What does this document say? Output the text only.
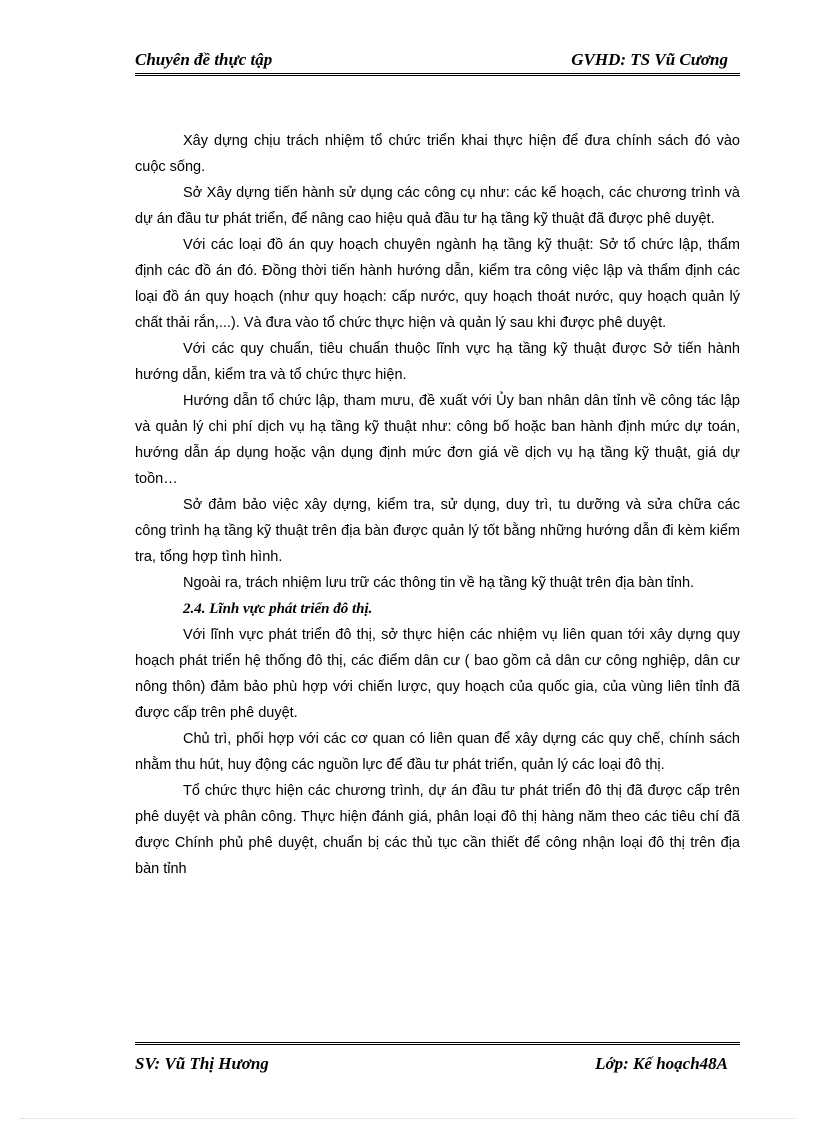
Chuyên đề thực tập	GVHD: TS Vũ Cương

Xây dựng chịu trách nhiệm tổ chức triển khai thực hiện để đưa chính sách đó vào cuộc sống.

Sở Xây dựng tiến hành sử dụng các công cụ như: các kế hoạch, các chương trình và dự án đầu tư phát triển, để nâng cao hiệu quả đầu tư hạ tầng kỹ thuật đã được phê duyệt.

Với các loại đồ án quy hoạch chuyên ngành hạ tầng kỹ thuật: Sở tổ chức lập, thẩm định các đồ án đó. Đồng thời tiến hành hướng dẫn, kiểm tra công việc lập và thẩm định các loại đồ án quy hoạch (như quy hoạch: cấp nước, quy hoạch thoát nước, quy hoạch quản lý chất thải rắn,...). Và đưa vào tổ chức thực hiện và quản lý sau khi được phê duyệt.

Với các quy chuẩn, tiêu chuẩn thuộc lĩnh vực hạ tầng kỹ thuật được Sở tiến hành hướng dẫn, kiểm tra và tổ chức thực hiện.

Hướng dẫn tổ chức lập, tham mưu, đề xuất với Ủy ban nhân dân tỉnh về công tác lập và quản lý chi phí dịch vụ hạ tầng kỹ thuật như: công bố hoặc ban hành định mức dự toán, hướng dẫn áp dụng hoặc vận dụng định mức đơn giá về dịch vụ hạ tầng kỹ thuật, giá dự toồn…

Sở đảm bảo việc xây dựng, kiểm tra, sử dụng, duy trì, tu dưỡng và sửa chữa các công trình hạ tầng kỹ thuật trên địa bàn được quản lý tốt bằng những hướng dẫn đi kèm kiểm tra, tổng hợp tình hình.

Ngoài ra, trách nhiệm lưu trữ các thông tin về hạ tầng kỹ thuật trên địa bàn tỉnh.

2.4. Lĩnh vực phát triển đô thị.

Với lĩnh vực phát triển đô thị, sở thực hiện các nhiệm vụ liên quan tới xây dựng quy hoạch phát triển hệ thống đô thị, các điểm dân cư ( bao gồm cả dân cư công nghiệp, dân cư nông thôn) đảm bảo phù hợp với chiến lược, quy hoạch của quốc gia, của vùng liên tỉnh đã được cấp trên phê duyệt.

Chủ trì, phối hợp với các cơ quan có liên quan để xây dựng các quy chế, chính sách nhằm thu hút, huy động các nguồn lực để đầu tư phát triển, quản lý các loại đô thị.

Tổ chức thực hiện các chương trình, dự án đầu tư phát triển đô thị đã được cấp trên phê duyệt và phân công. Thực hiện đánh giá, phân loại đô thị hàng năm theo các tiêu chí đã được Chính phủ phê duyệt, chuẩn bị các thủ tục cần thiết để công nhận loại đô thị trên địa bàn tỉnh

SV: Vũ Thị Hương	Lớp: Kế hoạch48A
